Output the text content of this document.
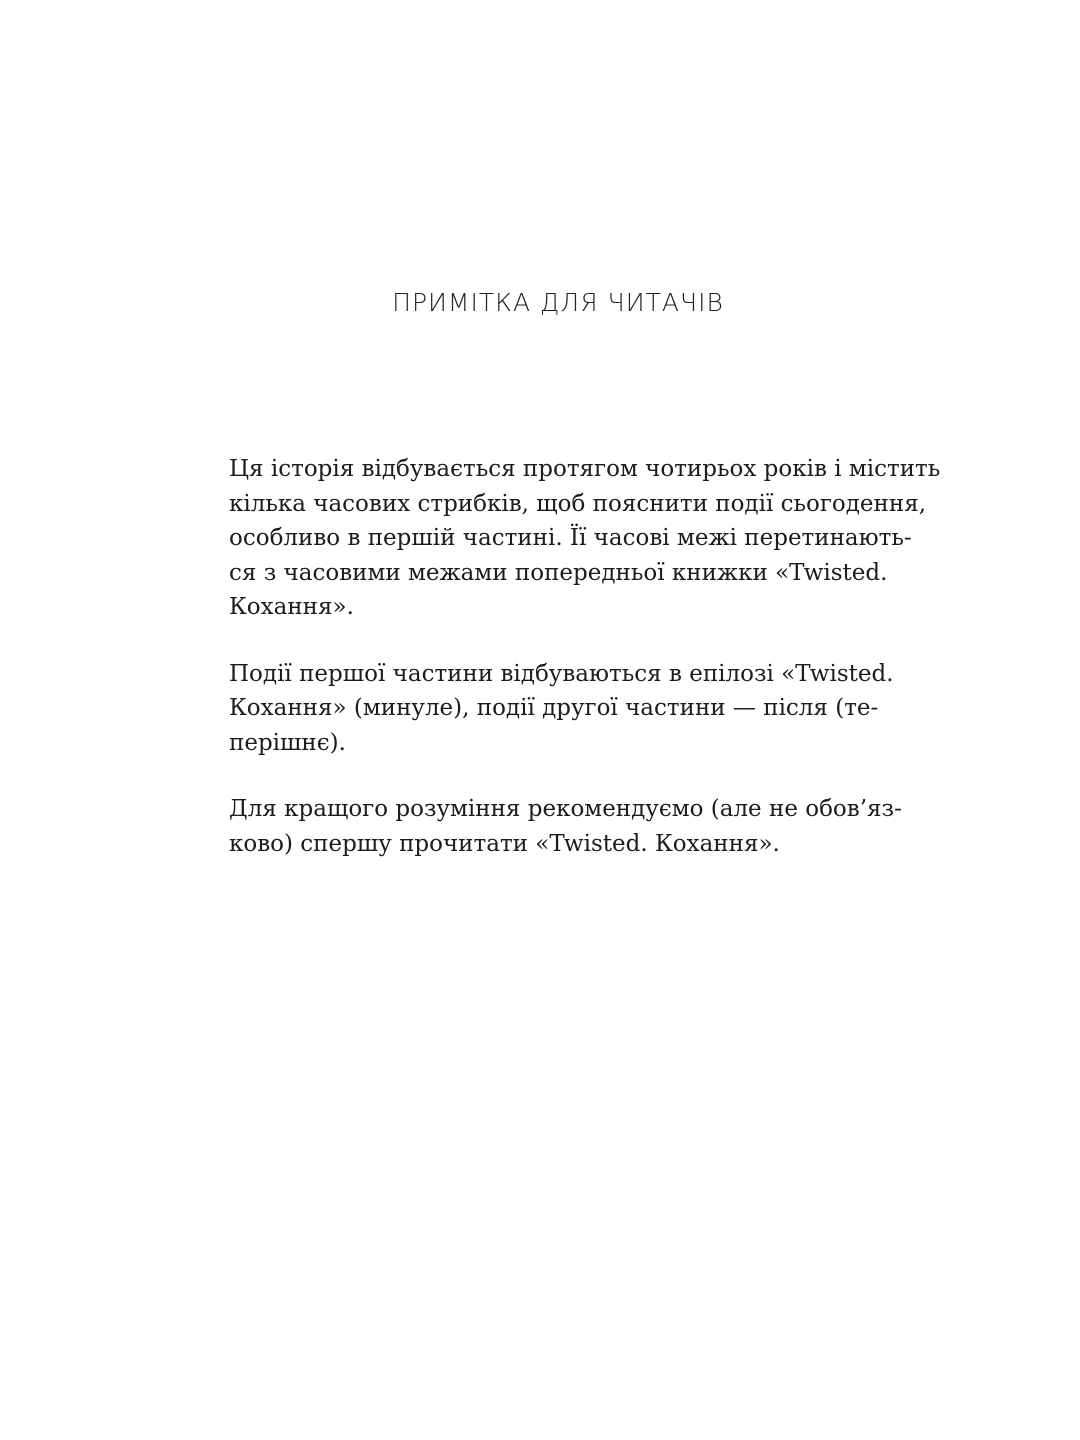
ПРИМІТКА ДЛЯ ЧИТАЧІВ

Ця історія відбувається протягом чотирьох років і містить
кілька часових стрибків, щоб пояснити події сьогодення,
особливо в першій частині. Її часові межі перетинають-
ся з часовими межами попередньої книжки «Twisted.
Кохання».

Події першої частини відбуваються в епілозі «Twisted.
Кохання» (минуле), події другої частини — після (те-
перішнє).

Для кращого розуміння рекомендуємо (але не обов’яз-
ково) спершу прочитати «Twisted. Кохання».
